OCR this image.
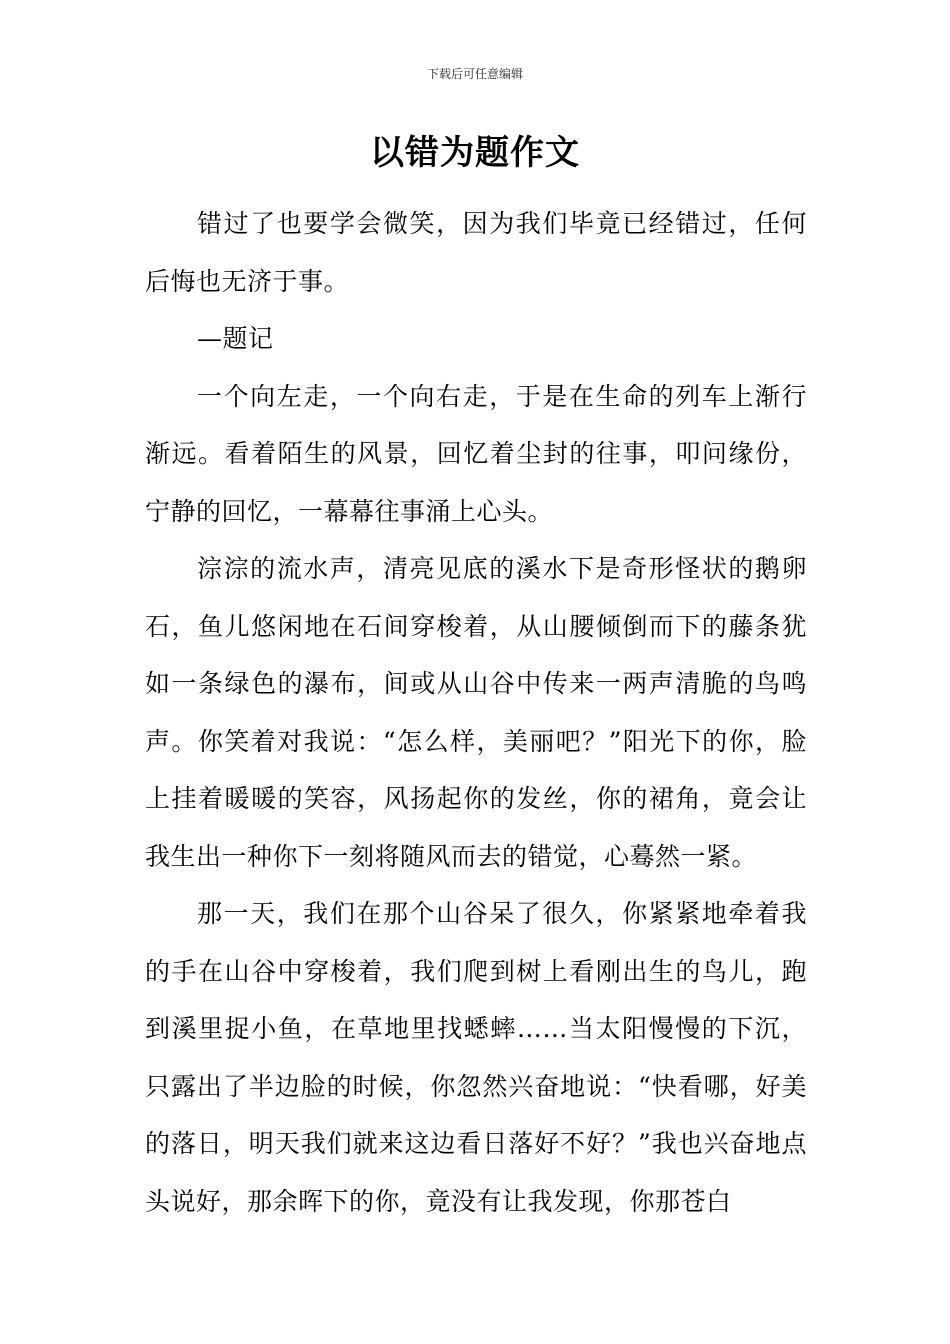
下载后可任意编辑
以错为题作文

错过了也要学会微笑，因为我们毕竟已经错过，任何后悔也无济于事。

—题记

一个向左走，一个向右走，于是在生命的列车上渐行渐远。看着陌生的风景，回忆着尘封的往事，叩问缘份，宁静的回忆，一幕幕往事涌上心头。

淙淙的流水声，清亮见底的溪水下是奇形怪状的鹅卵石，鱼儿悠闲地在石间穿梭着，从山腰倾倒而下的藤条犹如一条绿色的瀑布，间或从山谷中传来一两声清脆的鸟鸣声。你笑着对我说：“怎么样，美丽吧？”阳光下的你，脸上挂着暖暖的笑容，风扬起你的发丝，你的裙角，竟会让我生出一种你下一刻将随风而去的错觉，心蓦然一紧。

那一天，我们在那个山谷呆了很久，你紧紧地牵着我的手在山谷中穿梭着，我们爬到树上看刚出生的鸟儿，跑到溪里捉小鱼，在草地里找蟋蟀……当太阳慢慢的下沉，只露出了半边脸的时候，你忽然兴奋地说：“快看哪，好美的落日，明天我们就来这边看日落好不好？”我也兴奋地点头说好，那余晖下的你，竟没有让我发现，你那苍白
